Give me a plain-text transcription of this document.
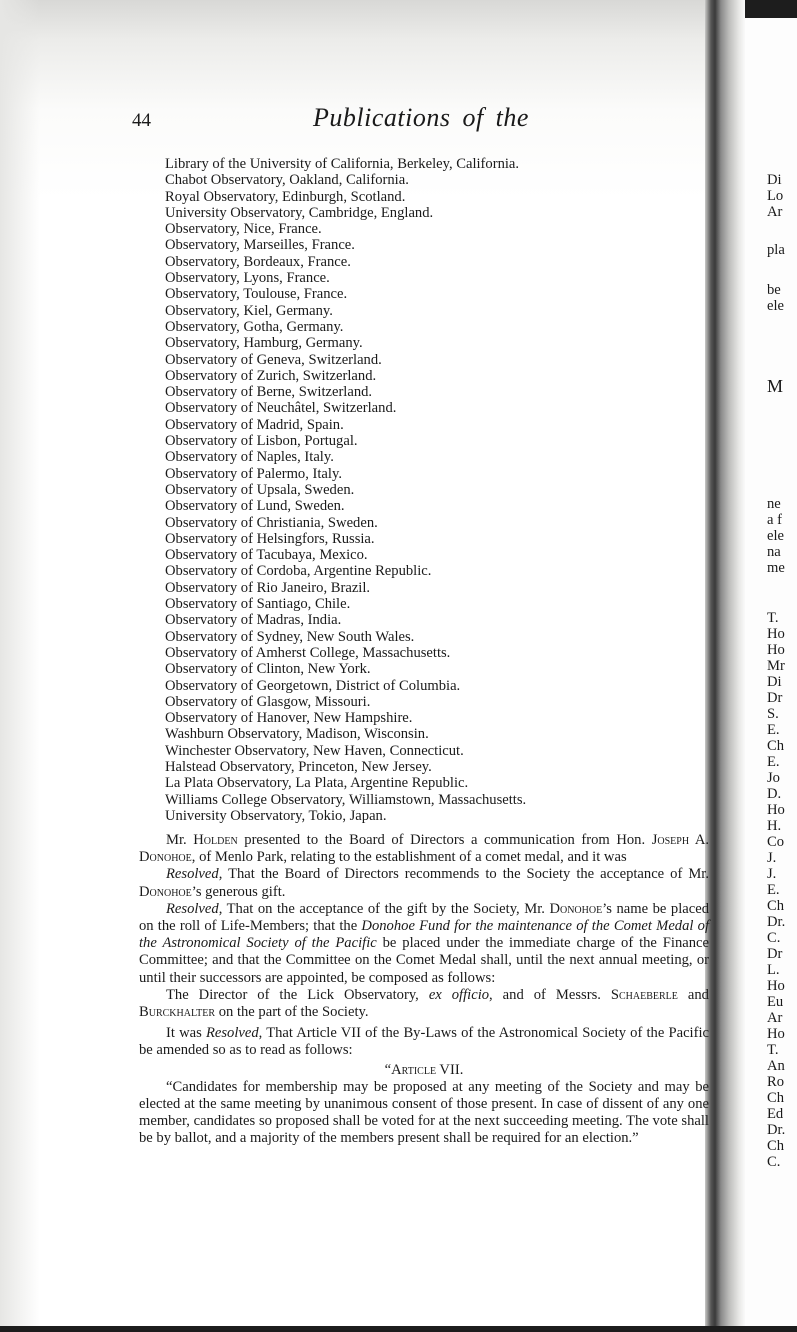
44	Publications of the
Library of the University of California, Berkeley, California.
Chabot Observatory, Oakland, California.
Royal Observatory, Edinburgh, Scotland.
University Observatory, Cambridge, England.
Observatory, Nice, France.
Observatory, Marseilles, France.
Observatory, Bordeaux, France.
Observatory, Lyons, France.
Observatory, Toulouse, France.
Observatory, Kiel, Germany.
Observatory, Gotha, Germany.
Observatory, Hamburg, Germany.
Observatory of Geneva, Switzerland.
Observatory of Zurich, Switzerland.
Observatory of Berne, Switzerland.
Observatory of Neuchâtel, Switzerland.
Observatory of Madrid, Spain.
Observatory of Lisbon, Portugal.
Observatory of Naples, Italy.
Observatory of Palermo, Italy.
Observatory of Upsala, Sweden.
Observatory of Lund, Sweden.
Observatory of Christiania, Sweden.
Observatory of Helsingfors, Russia.
Observatory of Tacubaya, Mexico.
Observatory of Cordoba, Argentine Republic.
Observatory of Rio Janeiro, Brazil.
Observatory of Santiago, Chile.
Observatory of Madras, India.
Observatory of Sydney, New South Wales.
Observatory of Amherst College, Massachusetts.
Observatory of Clinton, New York.
Observatory of Georgetown, District of Columbia.
Observatory of Glasgow, Missouri.
Observatory of Hanover, New Hampshire.
Washburn Observatory, Madison, Wisconsin.
Winchester Observatory, New Haven, Connecticut.
Halstead Observatory, Princeton, New Jersey.
La Plata Observatory, La Plata, Argentine Republic.
Williams College Observatory, Williamstown, Massachusetts.
University Observatory, Tokio, Japan.

Mr. Holden presented to the Board of Directors a communication from Hon. Joseph A. Donohoe, of Menlo Park, relating to the establishment of a comet medal, and it was

Resolved, That the Board of Directors recommends to the Society the acceptance of Mr. Donohoe’s generous gift.

Resolved, That on the acceptance of the gift by the Society, Mr. Donohoe’s name be placed on the roll of Life-Members; that the Donohoe Fund for the maintenance of the Comet Medal of the Astronomical Society of the Pacific be placed under the immediate charge of the Finance Committee; and that the Committee on the Comet Medal shall, until the next annual meeting, or until their successors are appointed, be composed as follows:

The Director of the Lick Observatory, ex officio, and of Messrs. Schaeberle and Burckhalter on the part of the Society.

It was Resolved, That Article VII of the By-Laws of the Astronomical Society of the Pacific be amended so as to read as follows:

“Article VII.

“Candidates for membership may be proposed at any meeting of the Society and may be elected at the same meeting by unanimous consent of those present. In case of dissent of any one member, candidates so proposed shall be voted for at the next succeeding meeting. The vote shall be by ballot, and a majority of the members present shall be required for an election.”

Di
Lo
Ar
pla
be
ele
M
ne
a f
ele
na
me
T.
Ho
Ho
Mr
Di
Dr
S.
E.
Ch
E.
Jo
D.
Ho
H.
Co
J.
J.
E.
Ch
Dr.
C.
Dr
L.
Ho
Eu
Ar
Ho
T.
An
Ro
Ch
Ed
Dr.
Ch
C.
